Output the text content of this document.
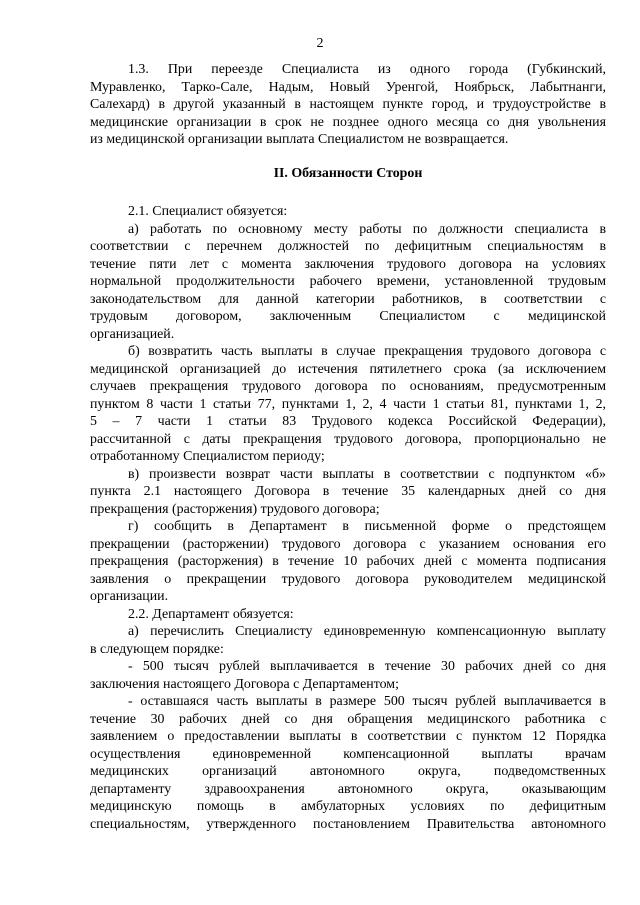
2
1.3. При переезде Специалиста из одного города (Губкинский,
Муравленко, Тарко-Сале, Надым, Новый Уренгой, Ноябрьск, Лабытнанги,
Салехард) в другой указанный в настоящем пункте город, и трудоустройстве в
медицинские организации в срок не позднее одного месяца со дня увольнения
из медицинской организации выплата Специалистом не возвращается.
II. Обязанности Сторон
2.1. Специалист обязуется:
а) работать по основному месту работы по должности специалиста в
соответствии с перечнем должностей по дефицитным специальностям в
течение пяти лет с момента заключения трудового договора на условиях
нормальной продолжительности рабочего времени, установленной трудовым
законодательством для данной категории работников, в соответствии с
трудовым договором, заключенным Специалистом с медицинской
организацией.
б) возвратить часть выплаты в случае прекращения трудового договора с
медицинской организацией до истечения пятилетнего срока (за исключением
случаев прекращения трудового договора по основаниям, предусмотренным
пунктом 8 части 1 статьи 77, пунктами 1, 2, 4 части 1 статьи 81, пунктами 1, 2,
5 – 7 части 1 статьи 83 Трудового кодекса Российской Федерации),
рассчитанной с даты прекращения трудового договора, пропорционально не
отработанному Специалистом периоду;
в) произвести возврат части выплаты в соответствии с подпунктом «б»
пункта 2.1 настоящего Договора в течение 35 календарных дней со дня
прекращения (расторжения) трудового договора;
г) сообщить в Департамент в письменной форме о предстоящем
прекращении (расторжении) трудового договора с указанием основания его
прекращения (расторжения) в течение 10 рабочих дней с момента подписания
заявления о прекращении трудового договора руководителем медицинской
организации.
2.2. Департамент обязуется:
а) перечислить Специалисту единовременную компенсационную выплату
в следующем порядке:
- 500 тысяч рублей выплачивается в течение 30 рабочих дней со дня
заключения настоящего Договора с Департаментом;
- оставшаяся часть выплаты в размере 500 тысяч рублей выплачивается в
течение 30 рабочих дней со дня обращения медицинского работника с
заявлением о предоставлении выплаты в соответствии с пунктом 12 Порядка
осуществления единовременной компенсационной выплаты врачам
медицинских организаций автономного округа, подведомственных
департаменту здравоохранения автономного округа, оказывающим
медицинскую помощь в амбулаторных условиях по дефицитным
специальностям, утвержденного постановлением Правительства автономного
